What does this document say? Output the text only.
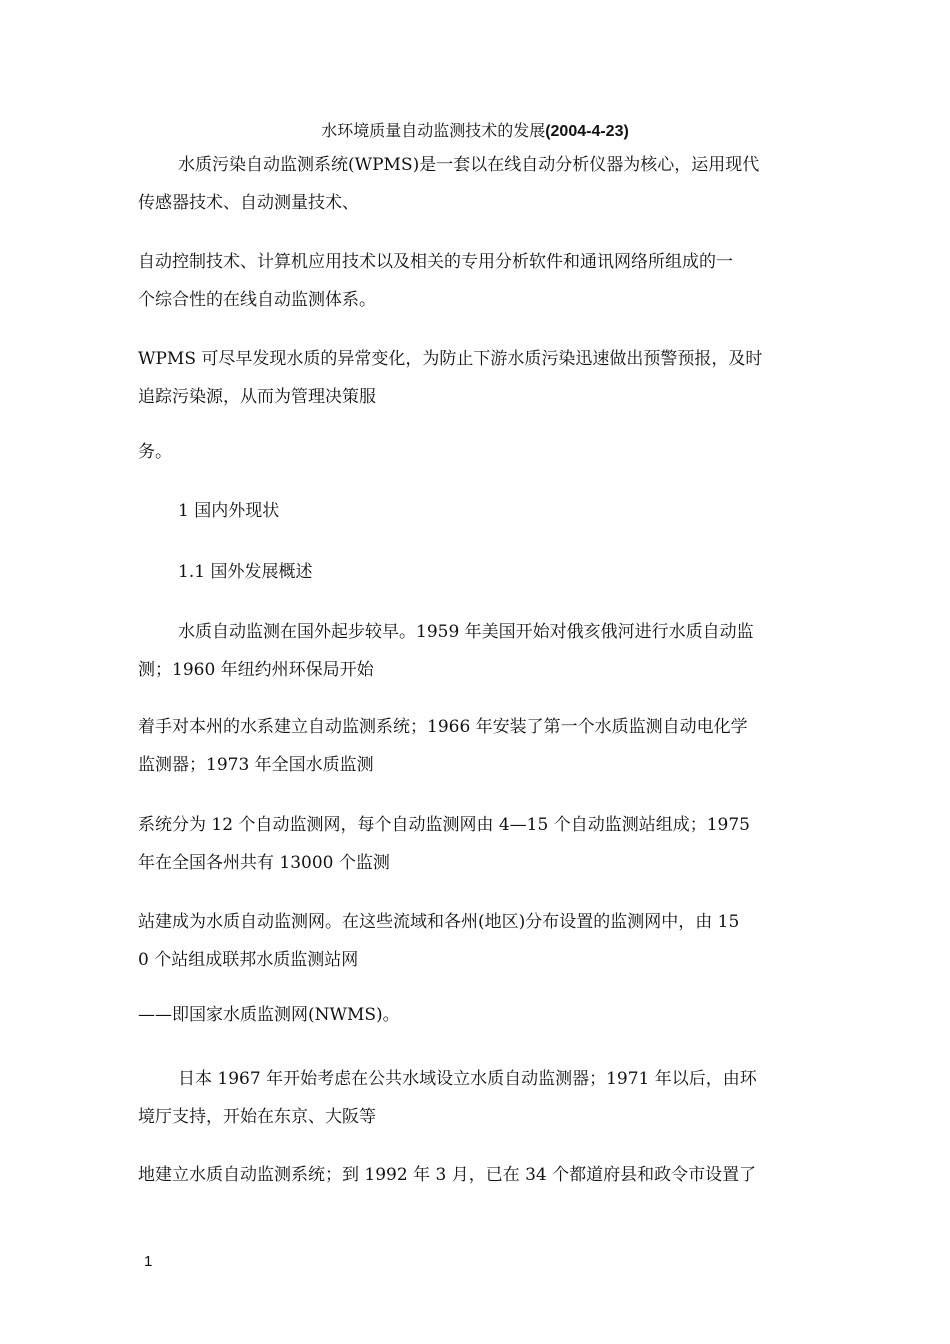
水环境质量自动监测技术的发展(2004-4-23)
水质污染自动监测系统(WPMS)是一套以在线自动分析仪器为核心，运用现代
传感器技术、自动测量技术、
自动控制技术、计算机应用技术以及相关的专用分析软件和通讯网络所组成的一
个综合性的在线自动监测体系。
WPMS 可尽早发现水质的异常变化，为防止下游水质污染迅速做出预警预报，及时
追踪污染源，从而为管理决策服
务。
1 国内外现状
1.1 国外发展概述
水质自动监测在国外起步较早。1959 年美国开始对俄亥俄河进行水质自动监
测；1960 年纽约州环保局开始
着手对本州的水系建立自动监测系统；1966 年安装了第一个水质监测自动电化学
监测器；1973 年全国水质监测
系统分为 12 个自动监测网，每个自动监测网由 4—15 个自动监测站组成；1975
年在全国各州共有 13000 个监测
站建成为水质自动监测网。在这些流域和各州(地区)分布设置的监测网中，由 15
0 个站组成联邦水质监测站网
——即国家水质监测网(NWMS)。
日本 1967 年开始考虑在公共水域设立水质自动监测器；1971 年以后，由环
境厅支持，开始在东京、大阪等
地建立水质自动监测系统；到 1992 年 3 月，已在 34 个都道府县和政令市设置了
1
